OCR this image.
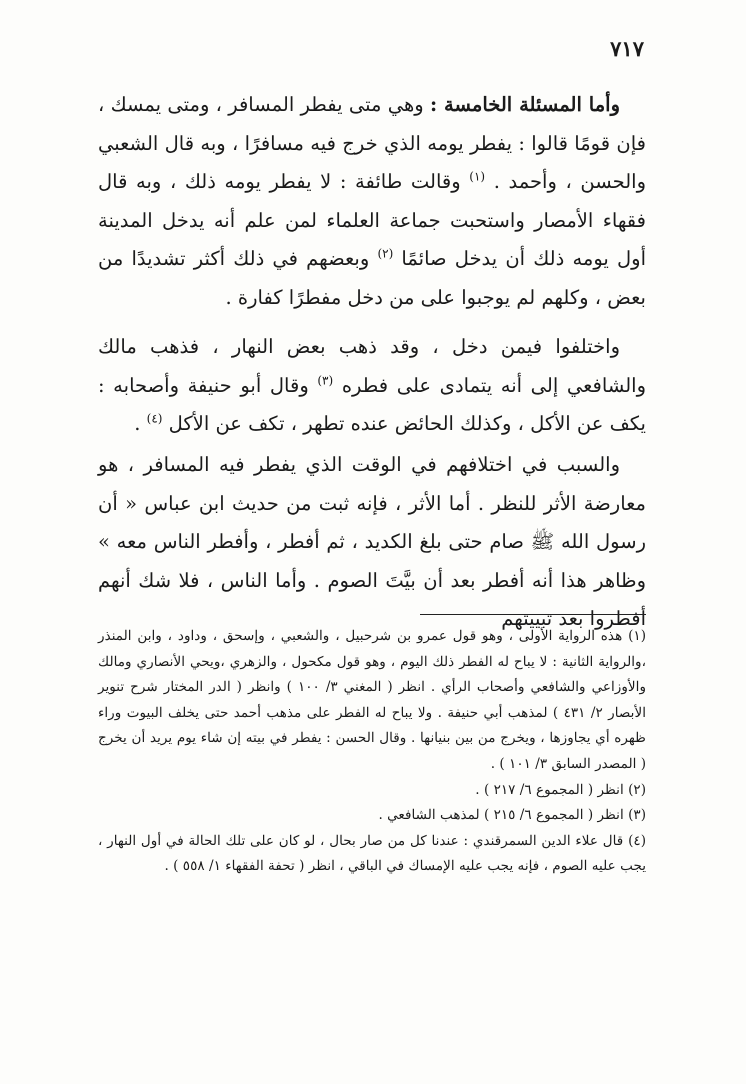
٧١٧
وأما المسئلة الخامسة : وهي متى يفطر المسافر ، ومتى يمسك ، فإن قومًا قالوا : يفطر يومه الذي خرج فيه مسافرًا ، وبه قال الشعبي والحسن ، وأحمد . $^{(١)}$ وقالت طائفة : لا يفطر يومه ذلك ، وبه قال فقهاء الأمصار واستحبت جماعة العلماء لمن علم أنه يدخل المدينة أول يومه ذلك أن يدخل صائمًا $^{(٢)}$ وبعضهم في ذلك أكثر تشديدًا من بعض ، وكلهم لم يوجبوا على من دخل مفطرًا كفارة .
واختلفوا فيمن دخل ، وقد ذهب بعض النهار ، فذهب مالك والشافعي إلى أنه يتمادى على فطره $^{(٣)}$ وقال أبو حنيفة وأصحابه : يكف عن الأكل ، وكذلك الحائض عنده تطهر ، تكف عن الأكل $^{(٤)}$ .
والسبب في اختلافهم في الوقت الذي يفطر فيه المسافر ، هو معارضة الأثر للنظر . أما الأثر ، فإنه ثبت من حديث ابن عباس « أن رسول الله ﷺ صام حتى بلغ الكديد ، ثم أفطر ، وأفطر الناس معه » وظاهر هذا أنه أفطر بعد أن بيَّتَ الصوم . وأما الناس ، فلا شك أنهم أفطروا بعد تبييتهم

(١) هذه الرواية الأولى ، وهو قول عمرو بن شرحبيل ، والشعبي ، وإسحق ، وداود ، وابن المنذر ،والرواية الثانية : لا يباح له الفطر ذلك اليوم ، وهو قول مكحول ، والزهري ،ويحي الأنصاري ومالك والأوزاعي والشافعي وأصحاب الرأي . انظر ( المغني ٣/ ١٠٠ ) وانظر ( الدر المختار شرح تنوير الأبصار ٢/ ٤٣١ ) لمذهب أبي حنيفة . ولا يباح له الفطر على مذهب أحمد حتى يخلف البيوت وراء ظهره أي يجاوزها ، ويخرج من بين بنيانها . وقال الحسن : يفطر في بيته إن شاء يوم يريد أن يخرج ( المصدر السابق ٣/ ١٠١ ) .

(٢) انظر ( المجموع ٦/ ٢١٧ ) .

(٣) انظر ( المجموع ٦/ ٢١٥ ) لمذهب الشافعي .

(٤) قال علاء الدين السمرقندي : عندنا كل من صار بحال ، لو كان على تلك الحالة في أول النهار ، يجب عليه الصوم ، فإنه يجب عليه الإمساك في الباقي ، انظر ( تحفة الفقهاء ١/ ٥٥٨ ) .
